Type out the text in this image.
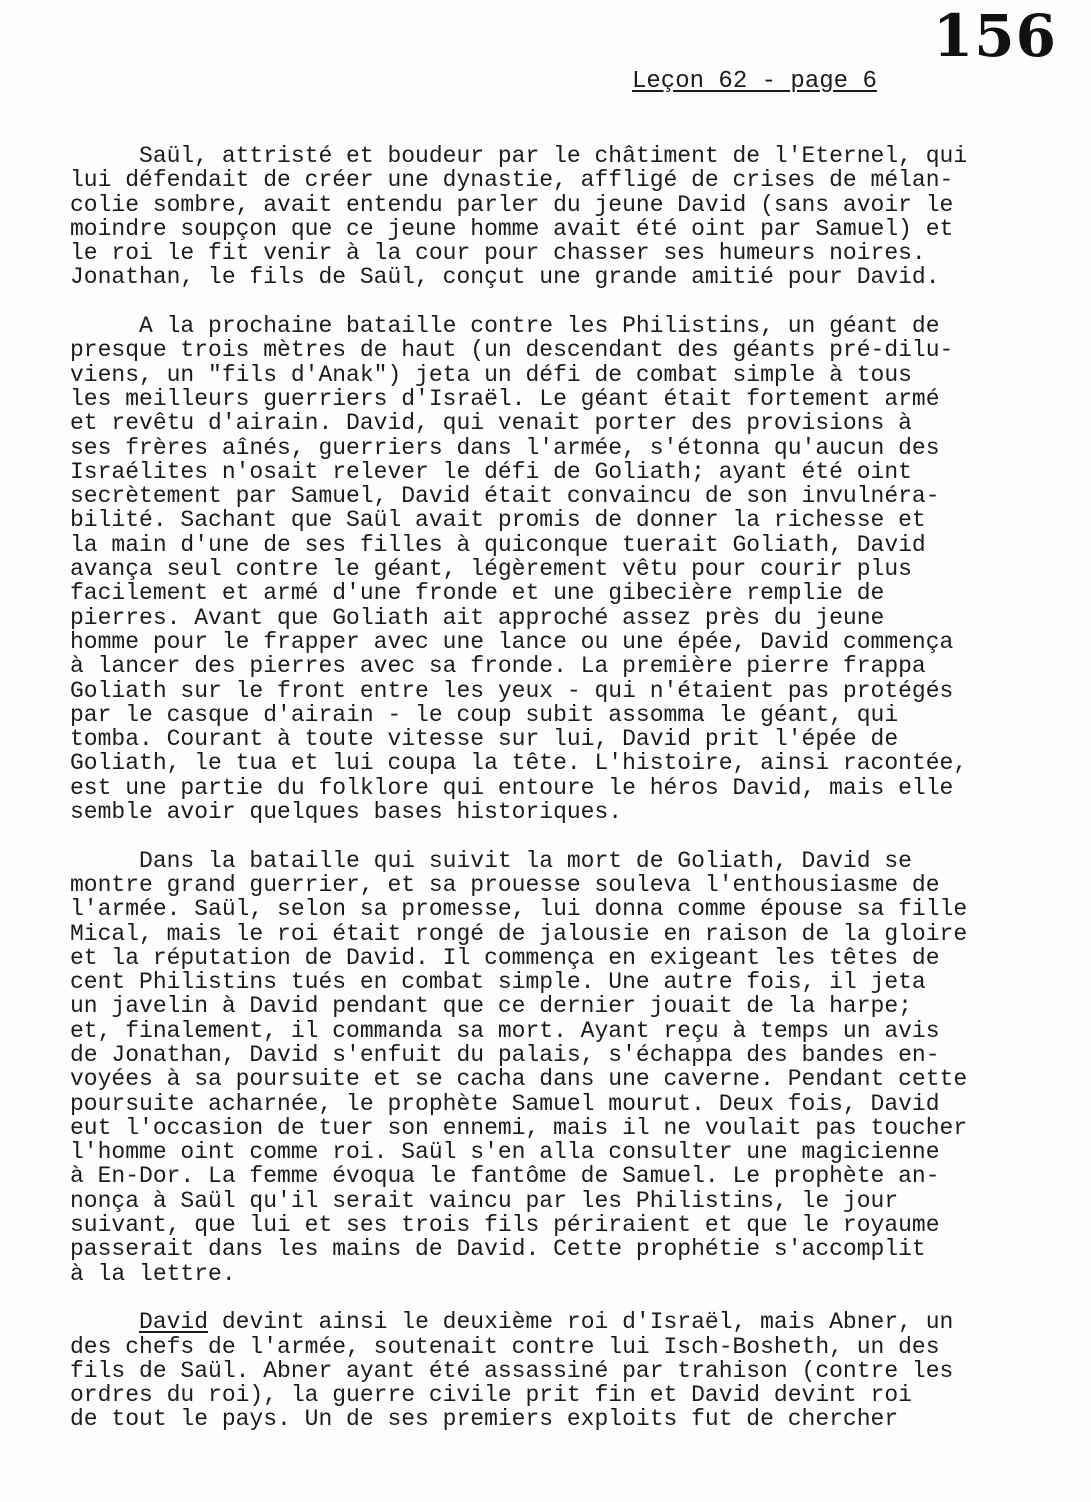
156
Leçon 62 - page 6
Saül, attristé et boudeur par le châtiment de l'Eternel, qui
lui défendait de créer une dynastie, affligé de crises de mélan-
colie sombre, avait entendu parler du jeune David (sans avoir le
moindre soupçon que ce jeune homme avait été oint par Samuel) et
le roi le fit venir à la cour pour chasser ses humeurs noires.
Jonathan, le fils de Saül, conçut une grande amitié pour David.
A la prochaine bataille contre les Philistins, un géant de
presque trois mètres de haut (un descendant des géants pré-dilu-
viens, un "fils d'Anak") jeta un défi de combat simple à tous
les meilleurs guerriers d'Israël. Le géant était fortement armé
et revêtu d'airain. David, qui venait porter des provisions à
ses frères aînés, guerriers dans l'armée, s'étonna qu'aucun des
Israélites n'osait relever le défi de Goliath; ayant été oint
secrètement par Samuel, David était convaincu de son invulnéra-
bilité. Sachant que Saül avait promis de donner la richesse et
la main d'une de ses filles à quiconque tuerait Goliath, David
avança seul contre le géant, légèrement vêtu pour courir plus
facilement et armé d'une fronde et une gibecière remplie de
pierres. Avant que Goliath ait approché assez près du jeune
homme pour le frapper avec une lance ou une épée, David commença
à lancer des pierres avec sa fronde. La première pierre frappa
Goliath sur le front entre les yeux - qui n'étaient pas protégés
par le casque d'airain - le coup subit assomma le géant, qui
tomba. Courant à toute vitesse sur lui, David prit l'épée de
Goliath, le tua et lui coupa la tête. L'histoire, ainsi racontée,
est une partie du folklore qui entoure le héros David, mais elle
semble avoir quelques bases historiques.
Dans la bataille qui suivit la mort de Goliath, David se
montre grand guerrier, et sa prouesse souleva l'enthousiasme de
l'armée. Saül, selon sa promesse, lui donna comme épouse sa fille
Mical, mais le roi était rongé de jalousie en raison de la gloire
et la réputation de David. Il commença en exigeant les têtes de
cent Philistins tués en combat simple. Une autre fois, il jeta
un javelin à David pendant que ce dernier jouait de la harpe;
et, finalement, il commanda sa mort. Ayant reçu à temps un avis
de Jonathan, David s'enfuit du palais, s'échappa des bandes en-
voyées à sa poursuite et se cacha dans une caverne. Pendant cette
poursuite acharnée, le prophète Samuel mourut. Deux fois, David
eut l'occasion de tuer son ennemi, mais il ne voulait pas toucher
l'homme oint comme roi. Saül s'en alla consulter une magicienne
à En-Dor. La femme évoqua le fantôme de Samuel. Le prophète an-
nonça à Saül qu'il serait vaincu par les Philistins, le jour
suivant, que lui et ses trois fils périraient et que le royaume
passerait dans les mains de David. Cette prophétie s'accomplit
à la lettre.
David devint ainsi le deuxième roi d'Israël, mais Abner, un
des chefs de l'armée, soutenait contre lui Isch-Bosheth, un des
fils de Saül. Abner ayant été assassiné par trahison (contre les
ordres du roi), la guerre civile prit fin et David devint roi
de tout le pays. Un de ses premiers exploits fut de chercher
